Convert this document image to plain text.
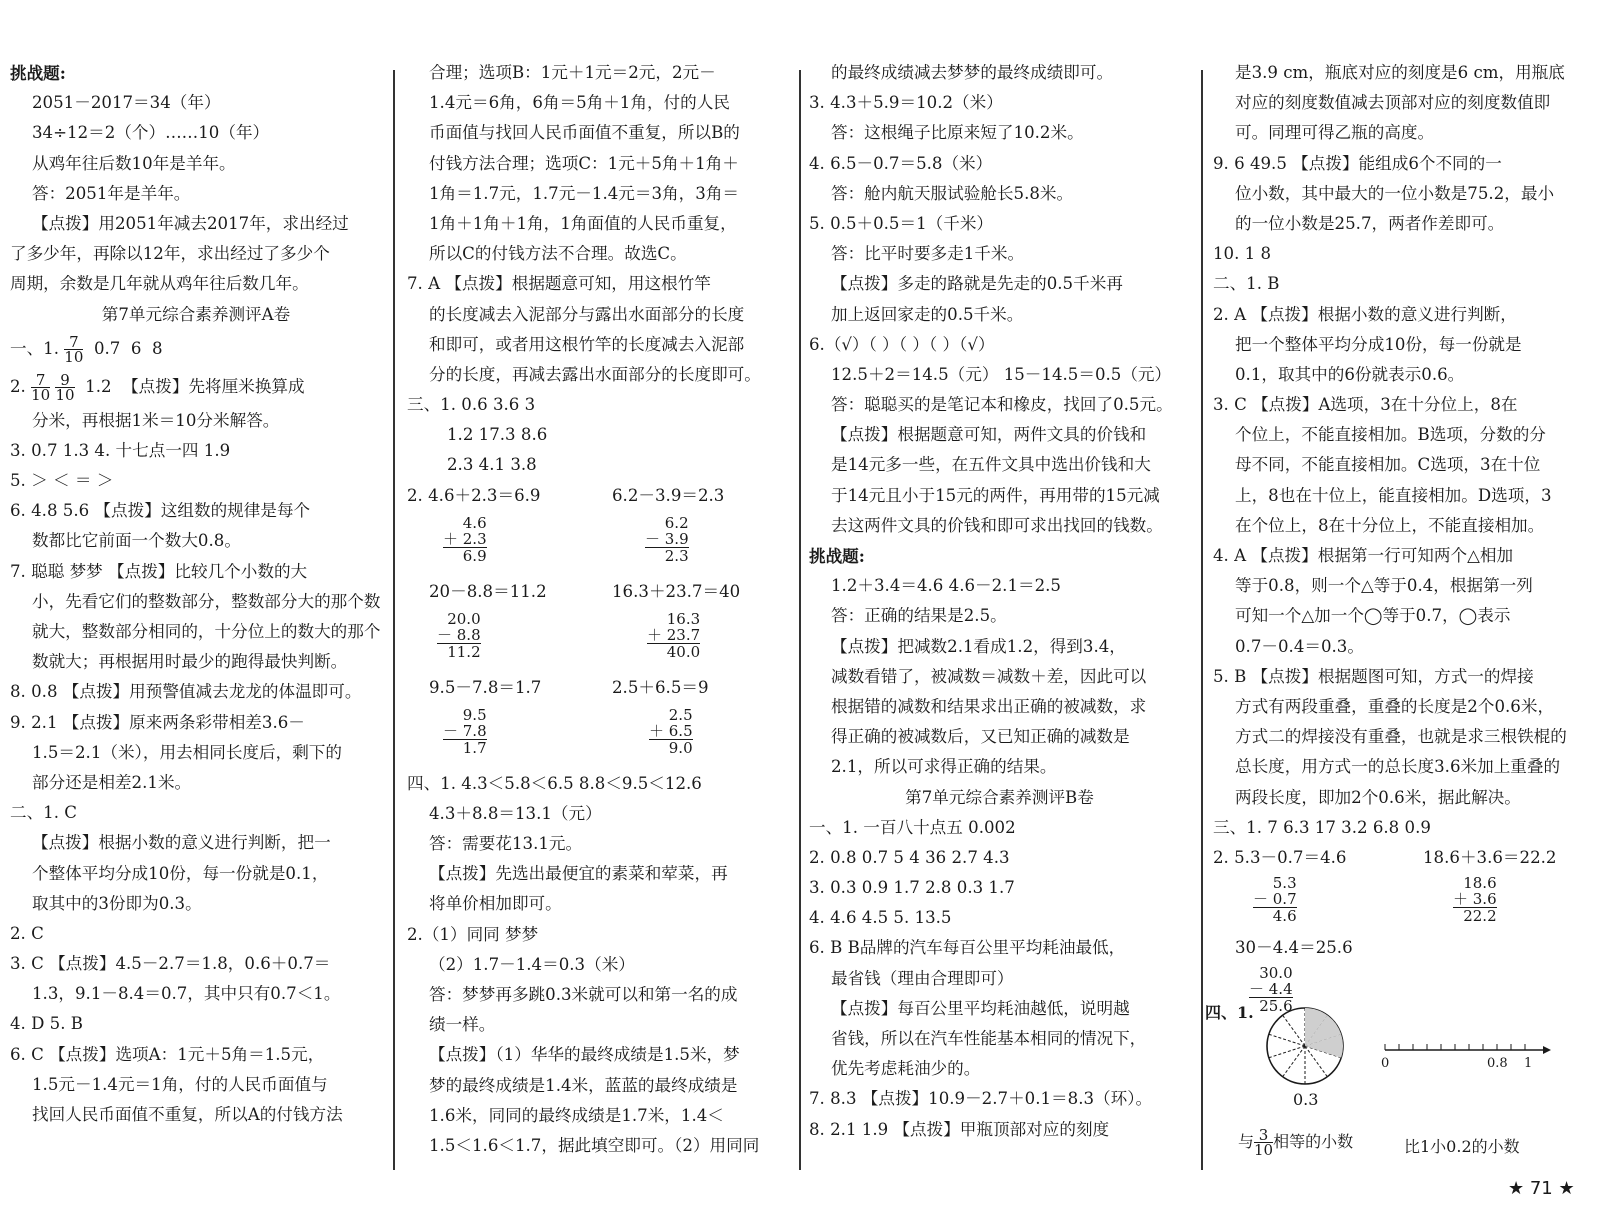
挑战题:
2051－2017＝34（年）
34÷12＝2（个）……10（年）
从鸡年往后数10年是羊年。
答：2051年是羊年。
【点拨】用2051年减去2017年，求出经过
了多少年，再除以12年，求出经过了多少个
周期，余数是几年就从鸡年往后数几年。
第7单元综合素养测评A卷
一、1. $\frac{7}{10} 0.7$  6  8
2. $\frac{7}{10}$
$\frac{9}{10} 1.2$  【点拨】先将厘米换算成
分米，再根据1米＝10分米解答。
3. 0.7 1.3 4. 十七点一四 1.9
5. ＞ ＜ ＝ ＞
6. 4.8 5.6 【点拨】这组数的规律是每个
数都比它前面一个数大0.8。
7. 聪聪 梦梦 【点拨】比较几个小数的大
小，先看它们的整数部分，整数部分大的那个数
就大，整数部分相同的，十分位上的数大的那个
数就大；再根据用时最少的跑得最快判断。
8. 0.8 【点拨】用预警值减去龙龙的体温即可。
9. 2.1 【点拨】原来两条彩带相差3.6－
1.5＝2.1（米），用去相同长度后，剩下的
部分还是相差2.1米。
二、1. C
【点拨】根据小数的意义进行判断，把一
个整体平均分成10份，每一份就是0.1，
取其中的3份即为0.3。
2. C
3. C 【点拨】4.5－2.7＝1.8，0.6＋0.7＝
1.3，9.1－8.4＝0.7，其中只有0.7＜1。
4. D 5. B
6. C 【点拨】选项A：1元＋5角＝1.5元，
1.5元－1.4元＝1角，付的人民币面值与
找回人民币面值不重复，所以A的付钱方法
合理；选项B：1元＋1元＝2元，2元－
1.4元＝6角，6角＝5角＋1角，付的人民
币面值与找回人民币面值不重复，所以B的
付钱方法合理；选项C：1元＋5角＋1角＋
1角＝1.7元，1.7元－1.4元＝3角，3角＝
1角＋1角＋1角，1角面值的人民币重复，
所以C的付钱方法不合理。故选C。
7. A 【点拨】根据题意可知，用这根竹竿
的长度减去入泥部分与露出水面部分的长度
和即可，或者用这根竹竿的长度减去入泥部
分的长度，再减去露出水面部分的长度即可。
三、1. 0.6 3.6 3
1.2 17.3 8.6
2.3 4.1 3.8
2. 4.6＋2.3＝6.9	6.2－3.9＝2.3
4.6
＋ 2.3
6.9
6.2
－ 3.9
2.3
20－8.8＝11.2	16.3＋23.7＝40
20.0
－ 8.8
11.2
16.3
＋ 23.7
40.0
9.5－7.8＝1.7	2.5＋6.5＝9
9.5
－ 7.8
1.7
2.5
＋ 6.5
9.0
四、1. 4.3＜5.8＜6.5 8.8＜9.5＜12.6
4.3＋8.8＝13.1（元）
答：需要花13.1元。
【点拨】先选出最便宜的素菜和荤菜，再
将单价相加即可。
2.（1）同同 梦梦
（2）1.7－1.4＝0.3（米）
答：梦梦再多跳0.3米就可以和第一名的成
绩一样。
【点拨】（1）华华的最终成绩是1.5米，梦
梦的最终成绩是1.4米，蓝蓝的最终成绩是
1.6米，同同的最终成绩是1.7米，1.4＜
1.5＜1.6＜1.7，据此填空即可。（2）用同同
的最终成绩减去梦梦的最终成绩即可。
3. 4.3＋5.9＝10.2（米）
答：这根绳子比原来短了10.2米。
4. 6.5－0.7＝5.8（米）
答：舱内航天服试验舱长5.8米。
5. 0.5＋0.5＝1（千米）
答：比平时要多走1千米。
【点拨】多走的路就是先走的0.5千米再
加上返回家走的0.5千米。
6.（√）（ ）（ ）（ ）（√）
12.5＋2＝14.5（元） 15－14.5＝0.5（元）
答：聪聪买的是笔记本和橡皮，找回了0.5元。
【点拨】根据题意可知，两件文具的价钱和
是14元多一些，在五件文具中选出价钱和大
于14元且小于15元的两件，再用带的15元减
去这两件文具的价钱和即可求出找回的钱数。
挑战题:
1.2＋3.4＝4.6 4.6－2.1＝2.5
答：正确的结果是2.5。
【点拨】把减数2.1看成1.2，得到3.4，
减数看错了，被减数＝减数＋差，因此可以
根据错的减数和结果求出正确的被减数，求
得正确的被减数后，又已知正确的减数是
2.1，所以可求得正确的结果。
第7单元综合素养测评B卷
一、1. 一百八十点五 0.002
2. 0.8 0.7 5 4 36 2.7 4.3
3. 0.3 0.9 1.7 2.8 0.3 1.7
4. 4.6 4.5 5. 13.5
6. B B品牌的汽车每百公里平均耗油最低，
最省钱（理由合理即可）
【点拨】每百公里平均耗油越低，说明越
省钱，所以在汽车性能基本相同的情况下，
优先考虑耗油少的。
7. 8.3 【点拨】10.9－2.7＋0.1＝8.3（环）。
8. 2.1 1.9 【点拨】甲瓶顶部对应的刻度
是3.9 cm，瓶底对应的刻度是6 cm，用瓶底
对应的刻度数值减去顶部对应的刻度数值即
可。同理可得乙瓶的高度。
9. 6 49.5 【点拨】能组成6个不同的一
位小数，其中最大的一位小数是75.2，最小
的一位小数是25.7，两者作差即可。
10. 1 8
二、1. B
2. A 【点拨】根据小数的意义进行判断，
把一个整体平均分成10份，每一份就是
0.1，取其中的6份就表示0.6。
3. C 【点拨】A选项，3在十分位上，8在
个位上，不能直接相加。B选项，分数的分
母不同，不能直接相加。C选项，3在十位
上，8也在十位上，能直接相加。D选项，3
在个位上，8在十分位上，不能直接相加。
4. A 【点拨】根据第一行可知两个△相加
等于0.8，则一个△等于0.4，根据第一列
可知一个△加一个◯等于0.7，◯表示
0.7－0.4＝0.3。
5. B 【点拨】根据题图可知，方式一的焊接
方式有两段重叠，重叠的长度是2个0.6米，
方式二的焊接没有重叠，也就是求三根铁棍的
总长度，用方式一的总长度3.6米加上重叠的
两段长度，即加2个0.6米，据此解决。
三、1. 7 6.3 17 3.2 6.8 0.9
2. 5.3－0.7＝4.6	18.6＋3.6＝22.2
5.3
－ 0.7
4.6
18.6
＋ 3.6
22.2
30－4.4＝25.6
30.0
－ 4.4
25.6
四、1.
0.3
0	0.8 1
与 $\frac{3}{10}$ 相等的小数	比1小0.2的小数
★ 71 ★
